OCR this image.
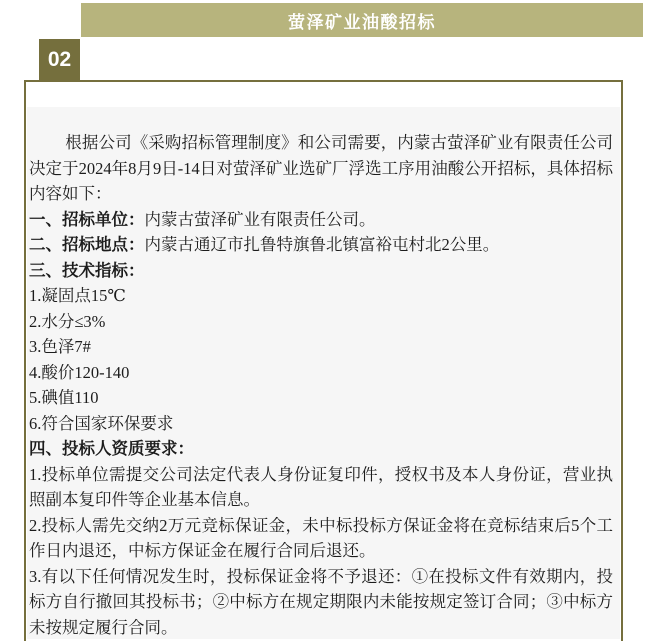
萤泽矿业油酸招标
02

根据公司《采购招标管理制度》和公司需要，内蒙古萤泽矿业有限责任公司决定于2024年8月9日-14日对萤泽矿业选矿厂浮选工序用油酸公开招标，具体招标内容如下：

一、招标单位：内蒙古萤泽矿业有限责任公司。

二、招标地点：内蒙古通辽市扎鲁特旗鲁北镇富裕屯村北2公里。

三、技术指标：

1.凝固点15℃

2.水分≤3%

3.色泽7#

4.酸价120-140

5.碘值110

6.符合国家环保要求

四、投标人资质要求：

1.投标单位需提交公司法定代表人身份证复印件，授权书及本人身份证，营业执照副本复印件等企业基本信息。

2.投标人需先交纳2万元竞标保证金，未中标投标方保证金将在竞标结束后5个工作日内退还，中标方保证金在履行合同后退还。

3.有以下任何情况发生时，投标保证金将不予退还：①在投标文件有效期内，投标方自行撤回其投标书；②中标方在规定期限内未能按规定签订合同；③中标方未按规定履行合同。
